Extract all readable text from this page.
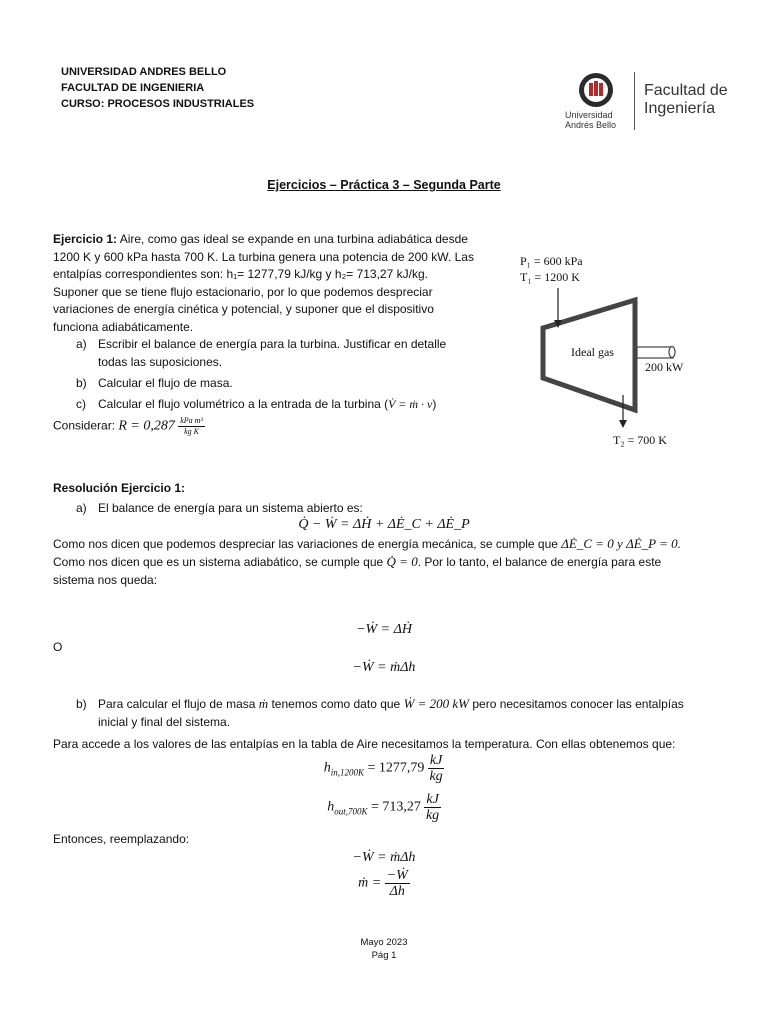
UNIVERSIDAD ANDRES BELLO
FACULTAD DE INGENIERIA
CURSO: PROCESOS INDUSTRIALES
Universidad
Andrés Bello
Facultad de
Ingeniería
Ejercicios – Práctica 3 – Segunda Parte
Ejercicio 1: Aire, como gas ideal se expande en una turbina adiabática desde
1200 K y 600 kPa hasta 700 K. La turbina genera una potencia de 200 kW. Las
entalpías correspondientes son: h₁= 1277,79 kJ/kg y h₂= 713,27 kJ/kg.
Suponer que se tiene flujo estacionario, por lo que podemos despreciar
variaciones de energía cinética y potencial, y suponer que el dispositivo
funciona adiabáticamente.
a) Escribir el balance de energía para la turbina. Justificar en detalle
todas las suposiciones.
b) Calcular el flujo de masa.
c) Calcular el flujo volumétrico a la entrada de la turbina (V̇ = ṁ · v)
Considerar: $R = 0,287 \frac{\text{kPa m³}}{\text{kg K}}$
P₁ = 600 kPa
T₁ = 1200 K
Ideal gas
200 kW
T₂ = 700 K
Resolución Ejercicio 1:
a) El balance de energía para un sistema abierto es:
Q̇ − Ẇ = ΔḢ + ΔĖ_C + ΔĖ_P
Como nos dicen que podemos despreciar las variaciones de energía mecánica, se cumple que ΔĖ_C = 0 y ΔĖ_P = 0.
Como nos dicen que es un sistema adiabático, se cumple que Q̇ = 0. Por lo tanto, el balance de energía para este
sistema nos queda:
−Ẇ = ΔḢ
O
−Ẇ = ṁΔh
b) Para calcular el flujo de masa ṁ tenemos como dato que Ẇ = 200 kW pero necesitamos conocer las entalpías
inicial y final del sistema.
Para accede a los valores de las entalpías en la tabla de Aire necesitamos la temperatura. Con ellas obtenemos que:
$h_{in,1200K} = 1277,79 \frac{kJ}{kg}$
$h_{out,700K} = 713,27 \frac{kJ}{kg}$
Entonces, reemplazando:
−Ẇ = ṁΔh
ṁ = $\frac{\text{−Ẇ}}{\Delta h}$
Mayo 2023
Pág 1
